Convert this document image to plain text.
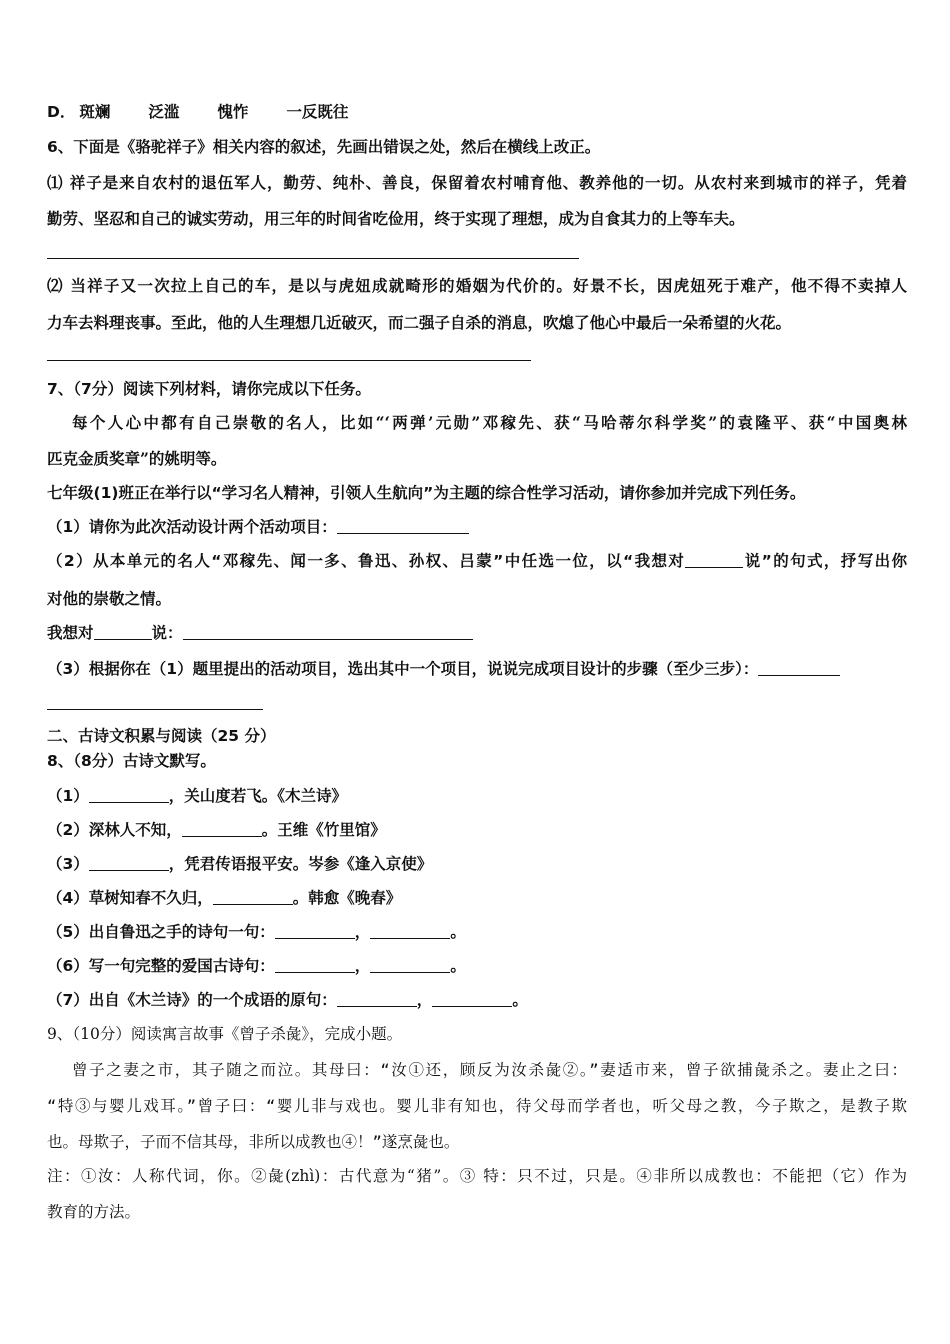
D． 斑斓 泛滥 愧怍 一反既往
6、下面是《骆驼祥子》相关内容的叙述，先画出错误之处，然后在横线上改正。
⑴ 祥子是来自农村的退伍军人，勤劳、纯朴、善良，保留着农村哺育他、教养他的一切。从农村来到城市的祥子，凭着
勤劳、坚忍和自己的诚实劳动，用三年的时间省吃俭用，终于实现了理想，成为自食其力的上等车夫。
⑵ 当祥子又一次拉上自己的车，是以与虎妞成就畸形的婚姻为代价的。好景不长，因虎妞死于难产，他不得不卖掉人
力车去料理丧事。至此，他的人生理想几近破灭，而二强子自杀的消息，吹熄了他心中最后一朵希望的火花。
7、（7分）阅读下列材料，请你完成以下任务。
每个人心中都有自己崇敬的名人，比如“‘两弹’元勋”邓稼先、获“马哈蒂尔科学奖”的袁隆平、获“中国奥林
匹克金质奖章”的姚明等。
七年级(1)班正在举行以“学习名人精神，引领人生航向”为主题的综合性学习活动，请你参加并完成下列任务。
（1）请你为此次活动设计两个活动项目：
（2）从本单元的名人“邓稼先、闻一多、鲁迅、孙权、吕蒙”中任选一位，以“我想对	说”的句式，抒写出你
对他的崇敬之情。
我想对	说：
（3）根据你在（1）题里提出的活动项目，选出其中一个项目，说说完成项目设计的步骤（至少三步）：
二、古诗文积累与阅读（25 分）
8、（8分）古诗文默写。
（1）	，关山度若飞。《木兰诗》
（2）深林人不知，	。王维《竹里馆》
（3）	，凭君传语报平安。岑参《逢入京使》
（4）草树知春不久归，	。韩愈《晚春》
（5）出自鲁迅之手的诗句一句：	，	。
（6）写一句完整的爱国古诗句：	，	。
（7）出自《木兰诗》的一个成语的原句：	，	。
9、（10分）阅读寓言故事《曾子杀彘》，完成小题。
曾子之妻之市，其子随之而泣。其母曰：“汝①还，顾反为汝杀彘②。”妻适市来，曾子欲捕彘杀之。妻止之曰：
“特③与婴儿戏耳。”曾子曰：“婴儿非与戏也。婴儿非有知也，待父母而学者也，听父母之教，今子欺之，是教子欺
也。母欺子，子而不信其母，非所以成教也④！”遂烹彘也。
注：①汝：人称代词，你。②彘(zhì)：古代意为“猪”。③ 特：只不过，只是。④非所以成教也：不能把（它）作为
教育的方法。
